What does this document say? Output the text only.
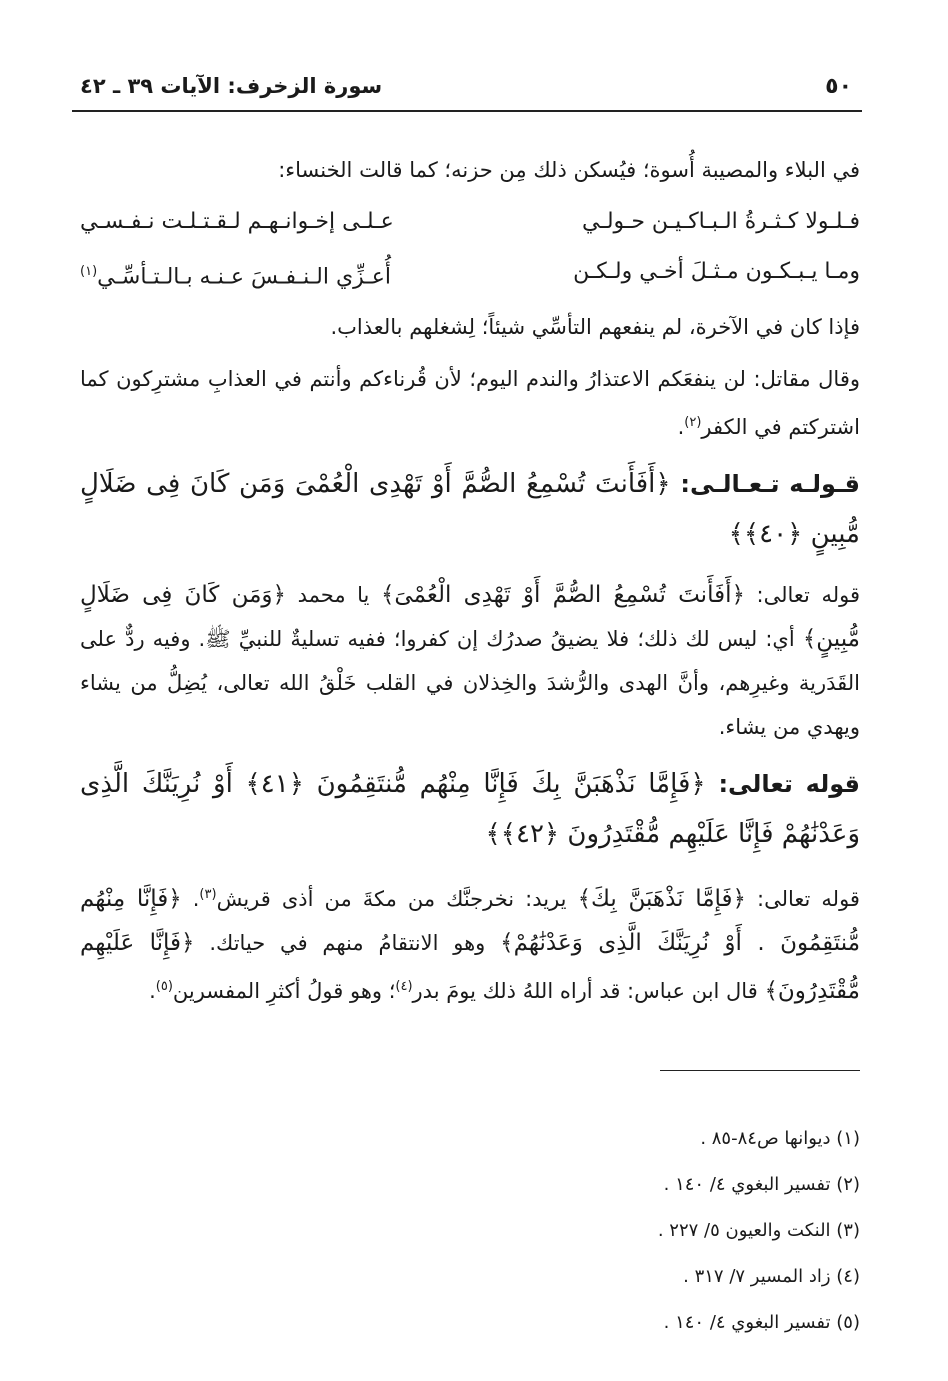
٥٠
سورة الزخرف: الآيات ٣٩ ـ ٤٢

في البلاء والمصيبة أُسوة؛ فيُسكن ذلك مِن حزنه؛ كما قالت الخنساء:

فـلـولا كـثـرةُ الـبـاكـيـن حـولـي
عـلـى إخـوانـهـم لـقـتـلـت نـفـسـي
ومـا يـبـكـون مـثـلَ أخـي ولـكـن
أُعـزِّي الـنـفـسَ عـنـه بـالـتـأسِّـي$^{(١)}$

فإذا كان في الآخرة، لم ينفعهم التأسِّي شيئاً؛ لِشغلهم بالعذاب.

وقال مقاتل: لن ينفعَكم الاعتذارُ والندم اليوم؛ لأن قُرناءكم وأنتم في العذابِ مشترِكون كما اشتركتم في الكفر$^{(٢)}$.

قـولـه تـعـالـى: ﴿أَفَأَنتَ تُسْمِعُ الصُّمَّ أَوْ تَهْدِى الْعُمْىَ وَمَن كَانَ فِى ضَلَالٍ مُّبِينٍ ﴿٤٠﴾﴾

قوله تعالى: ﴿أَفَأَنتَ تُسْمِعُ الصُّمَّ أَوْ تَهْدِى الْعُمْىَ﴾ يا محمد ﴿وَمَن كَانَ فِى ضَلَالٍ مُّبِينٍ﴾ أي: ليس لك ذلك؛ فلا يضيقُ صدرُك إن كفروا؛ ففيه تسليةٌ للنبيِّ ﷺ. وفيه ردٌّ على القَدَرية وغيرِهم، وأنَّ الهدى والرُّشدَ والخِذلان في القلب خَلْقُ الله تعالى، يُضِلُّ من يشاء ويهدي من يشاء.

قوله تعالى: ﴿فَإِمَّا نَذْهَبَنَّ بِكَ فَإِنَّا مِنْهُم مُّنتَقِمُونَ ﴿٤١﴾ أَوْ نُرِيَنَّكَ الَّذِى وَعَدْنَٰهُمْ فَإِنَّا عَلَيْهِم مُّقْتَدِرُونَ ﴿٤٢﴾﴾

قوله تعالى: ﴿فَإِمَّا نَذْهَبَنَّ بِكَ﴾ يريد: نخرجنَّك من مكةَ من أذى قريش$^{(٣)}$. ﴿فَإِنَّا مِنْهُم مُّنتَقِمُونَ . أَوْ نُرِيَنَّكَ الَّذِى وَعَدْنَٰهُمْ﴾ وهو الانتقامُ منهم في حياتك. ﴿فَإِنَّا عَلَيْهِم مُّقْتَدِرُونَ﴾ قال ابن عباس: قد أراه اللهُ ذلك يومَ بدر$^{(٤)}$؛ وهو قولُ أكثرِ المفسرين$^{(٥)}$.

(١) ديوانها ص٨٤-٨٥ .
(٢) تفسير البغوي ٤/ ١٤٠ .
(٣) النكت والعيون ٥/ ٢٢٧ .
(٤) زاد المسير ٧/ ٣١٧ .
(٥) تفسير البغوي ٤/ ١٤٠ .
